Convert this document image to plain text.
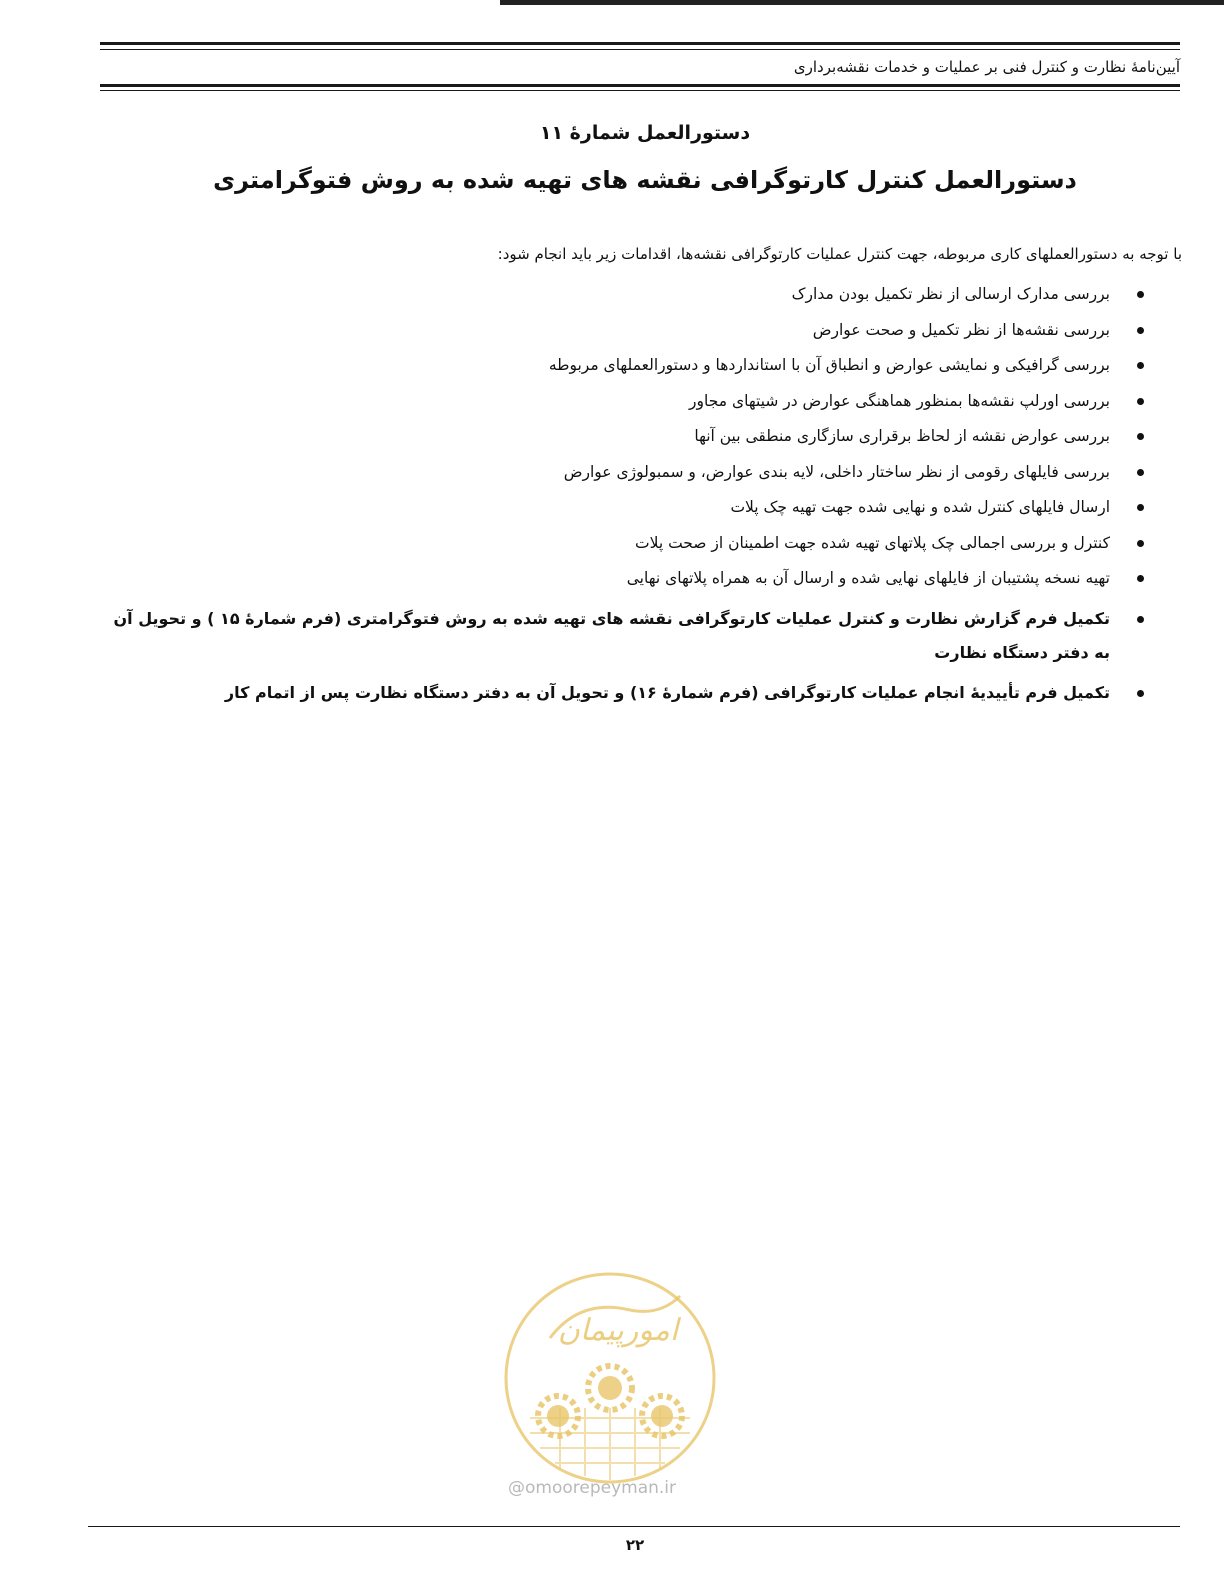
آیین‌نامهٔ نظارت و کنترل فنی بر عملیات و خدمات نقشه‌برداری
دستورالعمل شمارهٔ ۱۱
دستورالعمل کنترل کارتوگرافی نقشه های تهیه شده به روش فتوگرامتری
با توجه به دستورالعملهای کاری مربوطه، جهت کنترل عملیات کارتوگرافی نقشه‌ها، اقدامات زیر باید انجام شود:
بررسی مدارک ارسالی از نظر تکمیل بودن مدارک
بررسی نقشه‌ها از نظر تکمیل و صحت عوارض
بررسی گرافیکی و نمایشی عوارض و انطباق آن با استانداردها و دستورالعملهای مربوطه
بررسی اورلپ نقشه‌ها بمنظور هماهنگی عوارض در شیتهای مجاور
بررسی عوارض نقشه از لحاظ برقراری سازگاری منطقی بین آنها
بررسی فایلهای رقومی از نظر ساختار داخلی، لایه بندی عوارض، و سمبولوژی عوارض
ارسال فایلهای کنترل شده و نهایی شده جهت تهیه چک پلات
کنترل و بررسی اجمالی چک پلاتهای تهیه شده جهت اطمینان از صحت پلات
تهیه نسخه پشتیبان از فایلهای نهایی شده و ارسال آن به همراه پلاتهای نهایی
تکمیل فرم گزارش نظارت و کنترل عملیات کارتوگرافی نقشه های تهیه شده به روش فتوگرامتری (فرم شمارهٔ ۱۵ ) و تحویل آن به دفتر دستگاه نظارت
تکمیل فرم تأییدیهٔ انجام عملیات کارتوگرافی (فرم شمارهٔ ۱۶) و تحویل آن به دفتر دستگاه نظارت پس از اتمام کار
امورپیمان
@omoorepeyman.ir
۲۲
